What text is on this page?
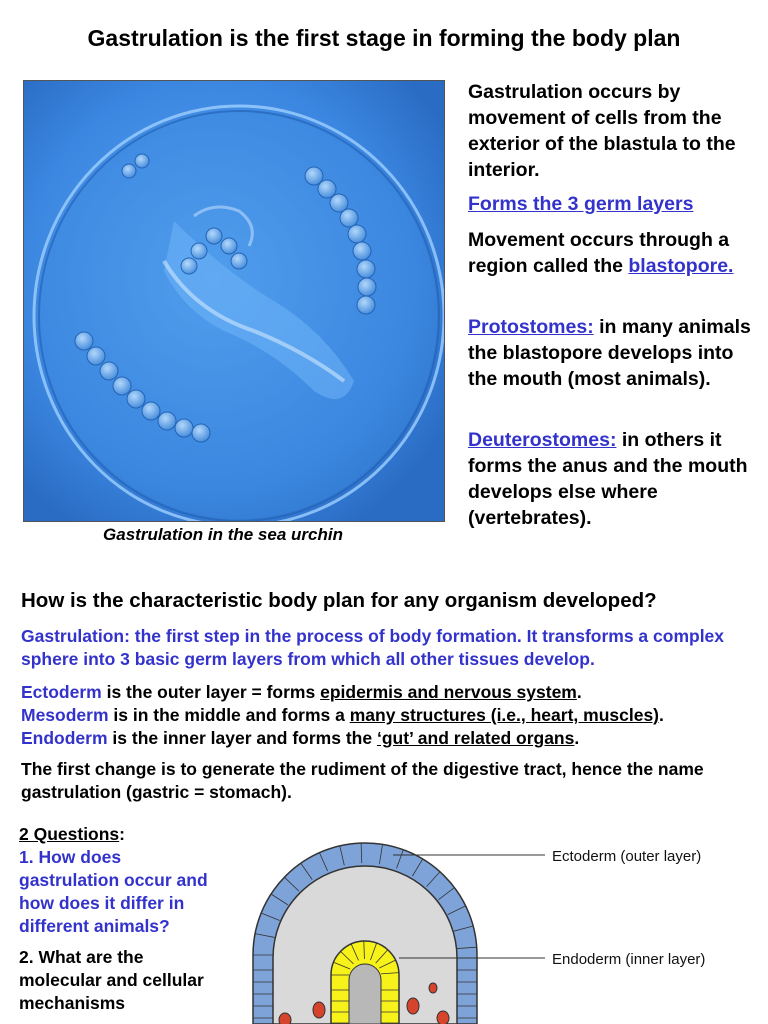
Gastrulation is the first stage in forming the body plan
Gastrulation in the sea urchin

Gastrulation occurs by movement of cells from the exterior of the blastula to the interior.

Forms the 3 germ layers

Movement occurs through a region called the blastopore.

Protostomes: in many animals the blastopore develops into the mouth (most animals).

Deuterostomes: in others it forms the anus and the mouth develops else where (vertebrates).

How is the characteristic body plan for any organism developed?

Gastrulation: the first step in the process of body formation. It transforms a complex sphere into 3 basic germ layers from which all other tissues develop.

Ectoderm is the outer layer = forms epidermis and nervous system.

Mesoderm is in the middle and forms a many structures (i.e., heart, muscles).

Endoderm is the inner layer and forms the ‘gut’ and related organs.

The first change is to generate the rudiment of the digestive tract, hence the name gastrulation (gastric = stomach).

2 Questions:

1. How does gastrulation occur and how does it differ in different animals?

2. What are the molecular and cellular mechanisms

Ectoderm (outer layer)
Endoderm (inner layer)
